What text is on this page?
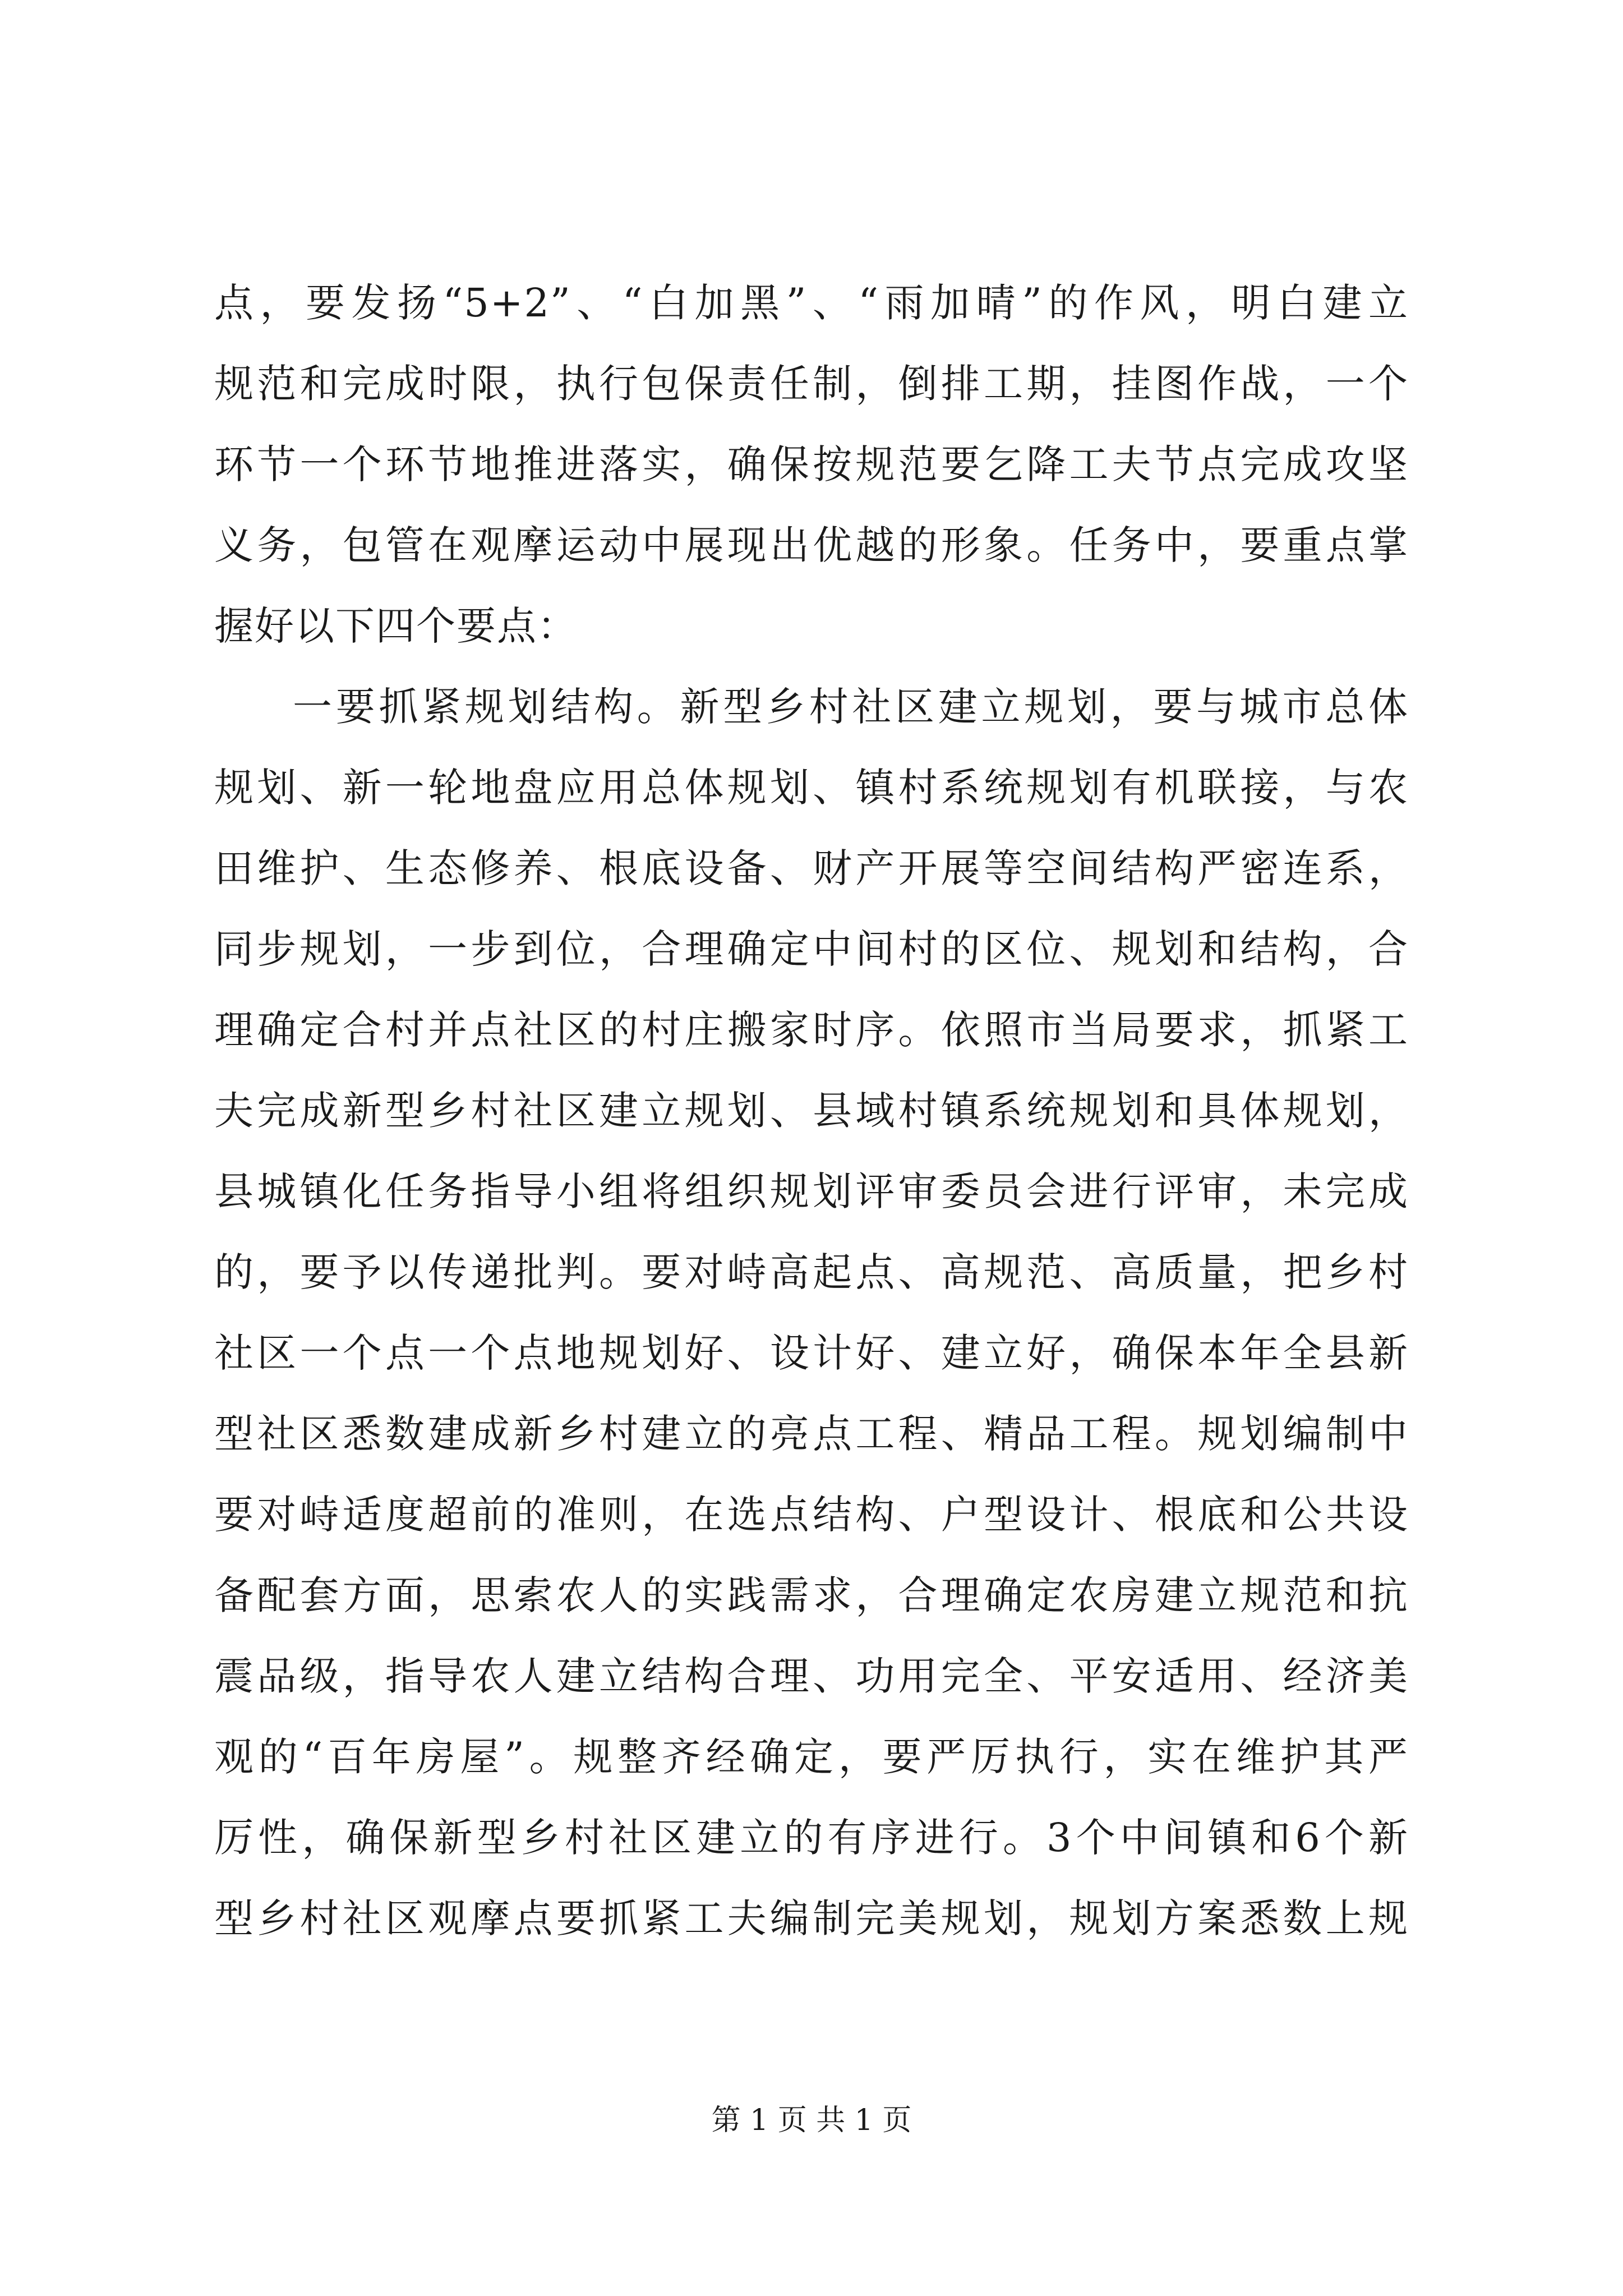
点，要发扬“5+2”、“白加黑”、“雨加晴”的作风，明白建立
规范和完成时限，执行包保责任制，倒排工期，挂图作战，一个
环节一个环节地推进落实，确保按规范要乞降工夫节点完成攻坚
义务，包管在观摩运动中展现出优越的形象。任务中，要重点掌
握好以下四个要点：
一要抓紧规划结构。新型乡村社区建立规划，要与城市总体
规划、新一轮地盘应用总体规划、镇村系统规划有机联接，与农
田维护、生态修养、根底设备、财产开展等空间结构严密连系，
同步规划，一步到位，合理确定中间村的区位、规划和结构，合
理确定合村并点社区的村庄搬家时序。依照市当局要求，抓紧工
夫完成新型乡村社区建立规划、县域村镇系统规划和具体规划，
县城镇化任务指导小组将组织规划评审委员会进行评审，未完成
的，要予以传递批判。要对峙高起点、高规范、高质量，把乡村
社区一个点一个点地规划好、设计好、建立好，确保本年全县新
型社区悉数建成新乡村建立的亮点工程、精品工程。规划编制中
要对峙适度超前的准则，在选点结构、户型设计、根底和公共设
备配套方面，思索农人的实践需求，合理确定农房建立规范和抗
震品级，指导农人建立结构合理、功用完全、平安适用、经济美
观的“百年房屋”。规整齐经确定，要严厉执行，实在维护其严
厉性，确保新型乡村社区建立的有序进行。3个中间镇和6个新
型乡村社区观摩点要抓紧工夫编制完美规划，规划方案悉数上规
第 1 页 共 1 页
